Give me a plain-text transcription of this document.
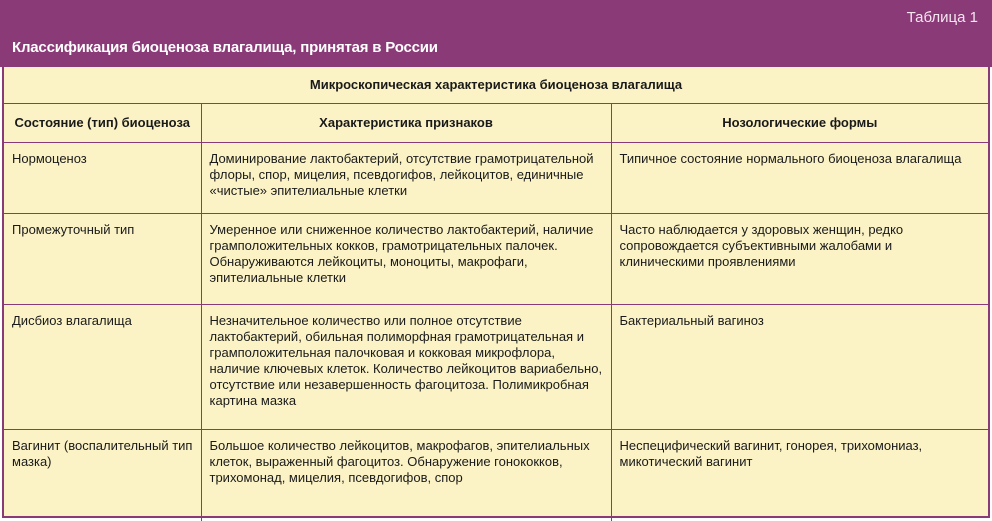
Таблица 1
Классификация биоценоза влагалища, принятая в России
Микроскопическая характеристика биоценоза влагалища		
Состояние (тип) биоценоза	Характеристика признаков	Нозологические формы

Нормоценоз	Доминирование лактобактерий, отсутствие грамотрицательной флоры, спор, мицелия, псевдогифов, лейкоцитов, единичные «чистые» эпителиальные клетки	Типичное состояние нормального биоценоза влагалища

Промежуточный тип	Умеренное или сниженное количество лактобактерий, наличие грамположительных кокков, грамотрицательных палочек. Обнаруживаются лейкоциты, моноциты, макрофаги, эпителиальные клетки	Часто наблюдается у здоровых женщин, редко сопровождается субъективными жалобами и клиническими проявлениями

Дисбиоз влагалища	Незначительное количество или полное отсутствие лактобактерий, обильная полиморфная грамотрицательная и грамположительная палочковая и кокковая микрофлора, наличие ключевых клеток. Количество лейкоцитов вариабельно, отсутствие или незавершенность фагоцитоза. Полимикробная картина мазка	Бактериальный вагиноз

Вагинит (воспалительный тип мазка)	Большое количество лейкоцитов, макрофагов, эпителиальных клеток, выраженный фагоцитоз. Обнаружение гонококков, трихомонад, мицелия, псевдогифов, спор	Неспецифический вагинит, гонорея, трихомониаз, микотический вагинит
